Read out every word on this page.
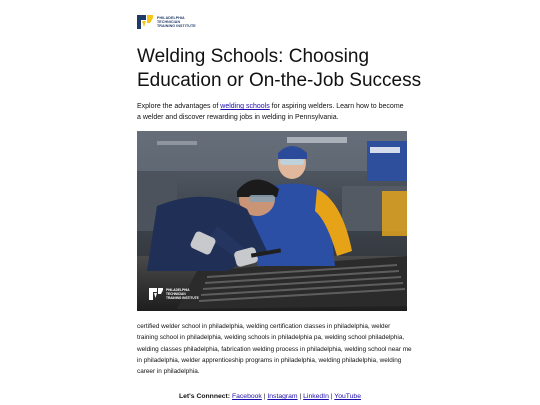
PHILADELPHIA
TECHNICIAN
TRAINING INSTITUTE
Welding Schools: Choosing Education or On-the-Job Success

Explore the advantages of welding schools for aspiring welders. Learn how to become a welder and discover rewarding jobs in welding in Pennsylvania.

PHILADELPHIA
TECHNICIAN
TRAINING INSTITUTE

certified welder school in philadelphia, welding certification classes in philadelphia, welder training school in philadelphia, welding schools in philadelphia pa, welding school philadelphia, welding classes philadelphia, fabrication welding process in philadelphia, welding school near me in philadelphia, welder apprenticeship programs in philadelphia, welding philadelphia, welding career in philadelphia.

Let's Connnect: Facebook | Instagram | LinkedIn | YouTube
